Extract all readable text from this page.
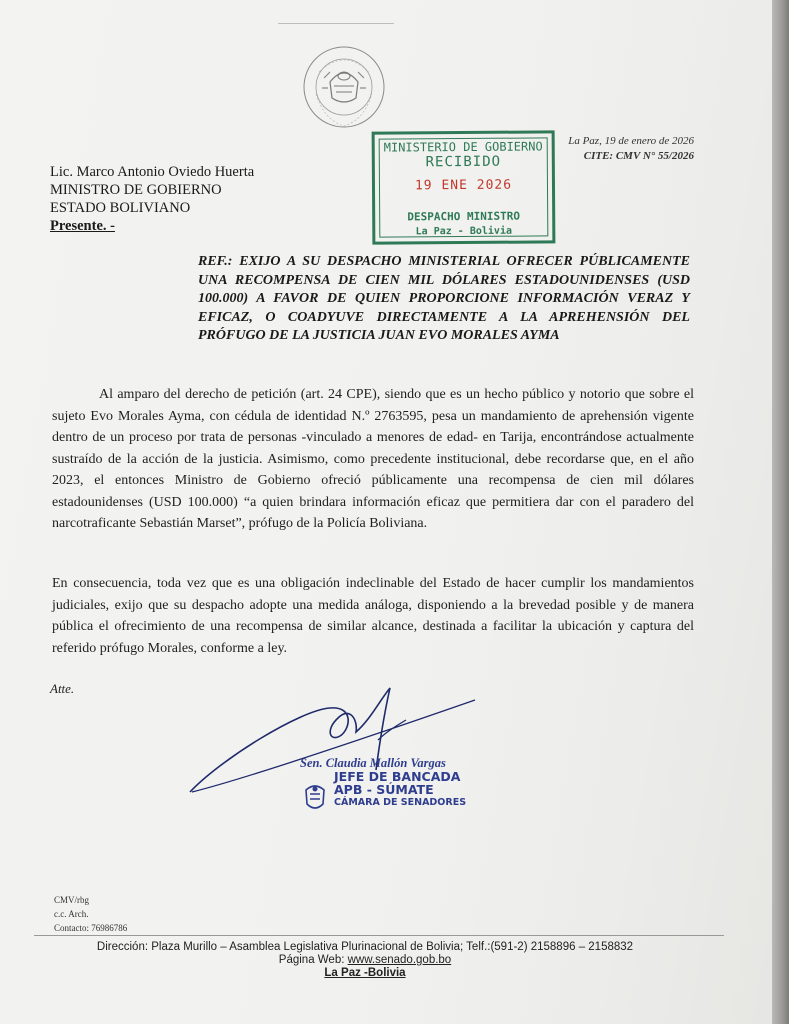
MINISTERIO DE GOBIERNO
RECIBIDO
19 ENE 2026
DESPACHO MINISTRO
La Paz - Bolivia
La Paz, 19 de enero de 2026
CITE: CMV N° 55/2026
Lic. Marco Antonio Oviedo Huerta
MINISTRO DE GOBIERNO
ESTADO BOLIVIANO
Presente. -
REF.: EXIJO A SU DESPACHO MINISTERIAL OFRECER PÚBLICAMENTE UNA RECOMPENSA DE CIEN MIL DÓLARES ESTADOUNIDENSES (USD 100.000) A FAVOR DE QUIEN PROPORCIONE INFORMACIÓN VERAZ Y EFICAZ, O COADYUVE DIRECTAMENTE A LA APREHENSIÓN DEL PRÓFUGO DE LA JUSTICIA JUAN EVO MORALES AYMA
Al amparo del derecho de petición (art. 24 CPE), siendo que es un hecho público y notorio que sobre el sujeto Evo Morales Ayma, con cédula de identidad N.º 2763595, pesa un mandamiento de aprehensión vigente dentro de un proceso por trata de personas -vinculado a menores de edad- en Tarija, encontrándose actualmente sustraído de la acción de la justicia. Asimismo, como precedente institucional, debe recordarse que, en el año 2023, el entonces Ministro de Gobierno ofreció públicamente una recompensa de cien mil dólares estadounidenses (USD 100.000) “a quien brindara información eficaz que permitiera dar con el paradero del narcotraficante Sebastián Marset”, prófugo de la Policía Boliviana.
En consecuencia, toda vez que es una obligación indeclinable del Estado de hacer cumplir los mandamientos judiciales, exijo que su despacho adopte una medida análoga, disponiendo a la brevedad posible y de manera pública el ofrecimiento de una recompensa de similar alcance, destinada a facilitar la ubicación y captura del referido prófugo Morales, conforme a ley.
Atte.
Sen. Claudia Mallón Vargas
JEFE DE BANCADA
APB - SÚMATE
CÁMARA DE SENADORES
CMV/rbg
c.c. Arch.
Contacto: 76986786
Dirección: Plaza Murillo – Asamblea Legislativa Plurinacional de Bolivia; Telf.:(591-2) 2158896 – 2158832
Página Web: www.senado.gob.bo
La Paz -Bolivia
